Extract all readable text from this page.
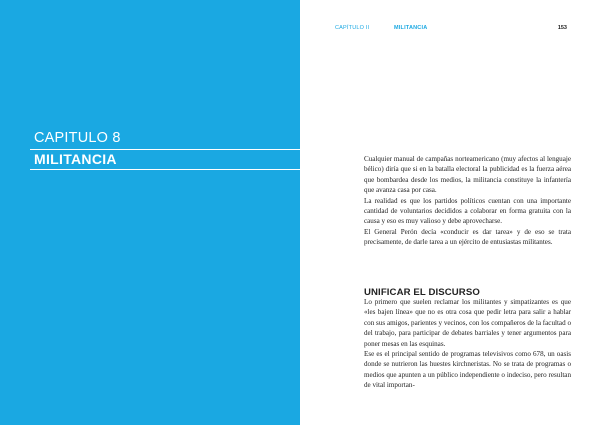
CAPITULO 8
MILITANCIA
CAPÍTULO II	MILITANCIA	153

Cualquier manual de campañas norteamericano (muy afectos al lenguaje bélico) diría que si en la batalla electoral la publicidad es la fuerza aérea que bombardea desde los medios, la militancia constituye la infantería que avanza casa por casa.

La realidad es que los partidos políticos cuentan con una importante cantidad de voluntarios decididos a colaborar en forma gratuita con la causa y eso es muy valioso y debe aprovecharse.

El General Perón decía «conducir es dar tarea» y de eso se trata precisamente, de darle tarea a un ejército de entusiastas militantes.

UNIFICAR EL DISCURSO

Lo primero que suelen reclamar los militantes y simpatizantes es que «les bajen línea» que no es otra cosa que pedir letra para salir a hablar con sus amigos, parientes y vecinos, con los compañeros de la facultad o del trabajo, para participar de debates barriales y tener argumentos para poner mesas en las esquinas.

Ese es el principal sentido de programas televisivos como 678, un oasis donde se nutrieron las huestes kirchneristas. No se trata de programas o medios que apunten a un público independiente o indeciso, pero resultan de vital importan-
